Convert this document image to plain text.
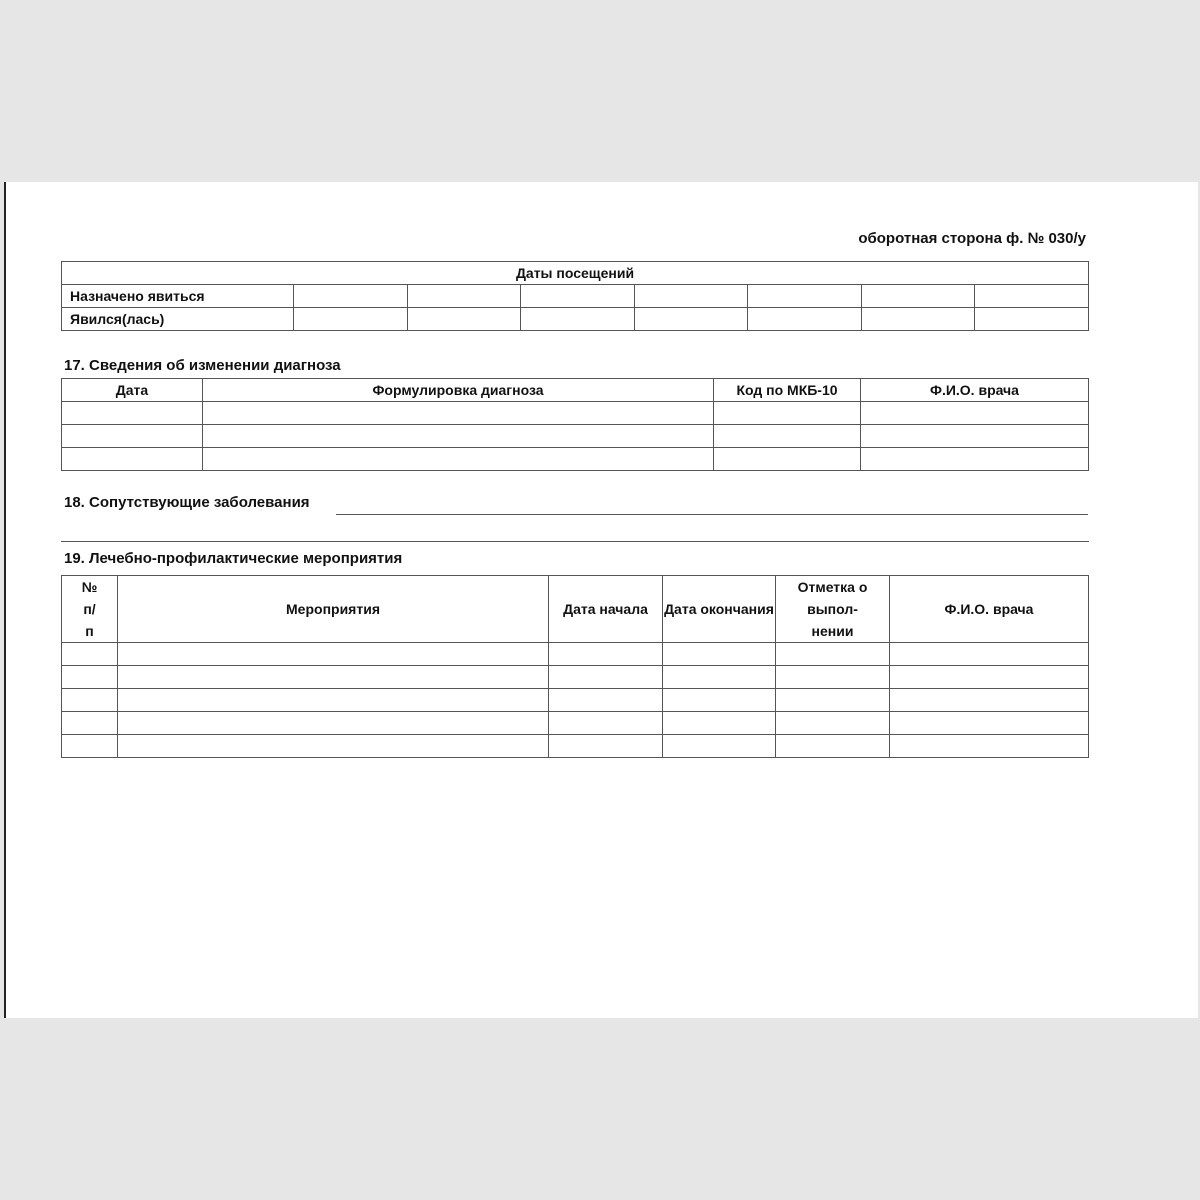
оборотная сторона ф. № 030/у
Даты посещений							
Назначено явиться							
Явился(лась)							
17. Сведения об изменении диагноза
Дата	Формулировка диагноза	Код по МКБ-10	Ф.И.О. врача

18. Сопутствующие заболевания
19. Лечебно-профилактические мероприятия
№ п/п	Мероприятия	Дата начала	Дата окончания	Отметка о выпол-нении	Ф.И.О. врача
